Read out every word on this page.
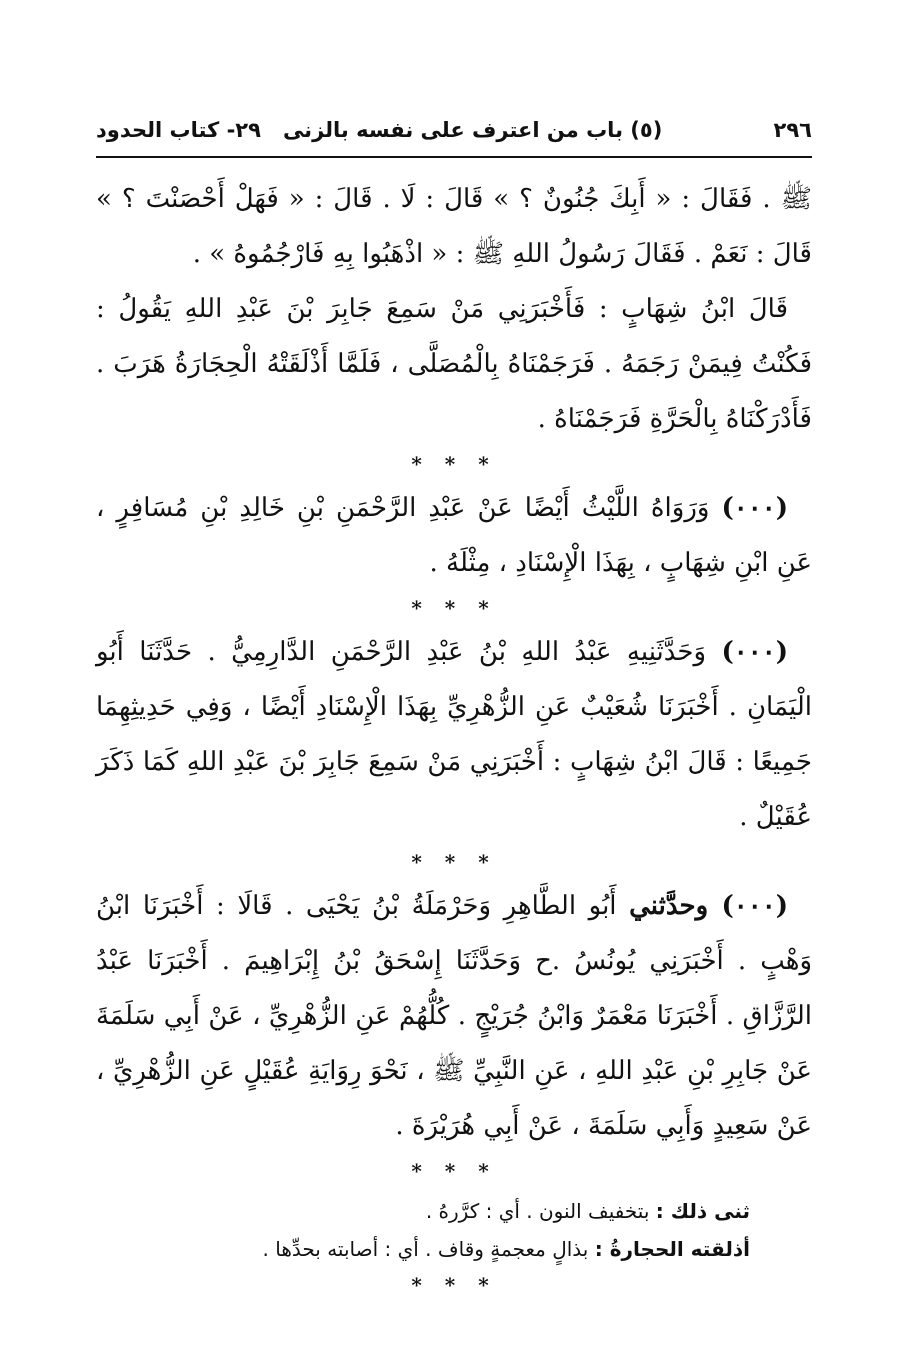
٢٩٦
(٥) باب من اعترف على نفسه بالزنى
٢٩- كتاب الحدود

ﷺ . فَقَالَ : « أَبِكَ جُنُونٌ ؟ » قَالَ : لَا . قَالَ : « فَهَلْ أَحْصَنْتَ ؟ » قَالَ : نَعَمْ . فَقَالَ رَسُولُ اللهِ ﷺ : « اذْهَبُوا بِهِ فَارْجُمُوهُ » .

قَالَ ابْنُ شِهَابٍ : فَأَخْبَرَنِي مَنْ سَمِعَ جَابِرَ بْنَ عَبْدِ اللهِ يَقُولُ : فَكُنْتُ فِيمَنْ رَجَمَهُ . فَرَجَمْنَاهُ بِالْمُصَلَّى ، فَلَمَّا أَذْلَقَتْهُ الْحِجَارَةُ هَرَبَ . فَأَدْرَكْنَاهُ بِالْحَرَّةِ فَرَجَمْنَاهُ .

* * *

(٠٠٠) وَرَوَاهُ اللَّيْثُ أَيْضًا عَنْ عَبْدِ الرَّحْمَنِ بْنِ خَالِدِ بْنِ مُسَافِرٍ ، عَنِ ابْنِ شِهَابٍ ، بِهَذَا الْإِسْنَادِ ، مِثْلَهُ .

* * *

(٠٠٠) وَحَدَّثَنِيهِ عَبْدُ اللهِ بْنُ عَبْدِ الرَّحْمَنِ الدَّارِمِيُّ . حَدَّثَنَا أَبُو الْيَمَانِ . أَخْبَرَنَا شُعَيْبٌ عَنِ الزُّهْرِيِّ بِهَذَا الْإِسْنَادِ أَيْضًا ، وَفِي حَدِيثِهِمَا جَمِيعًا : قَالَ ابْنُ شِهَابٍ : أَخْبَرَنِي مَنْ سَمِعَ جَابِرَ بْنَ عَبْدِ اللهِ كَمَا ذَكَرَ عُقَيْلٌ .

* * *

(٠٠٠) وحدَّثني أَبُو الطَّاهِرِ وَحَرْمَلَةُ بْنُ يَحْيَى . قَالَا : أَخْبَرَنَا ابْنُ وَهْبٍ . أَخْبَرَنِي يُونُسُ .ح وَحَدَّثَنَا إِسْحَقُ بْنُ إِبْرَاهِيمَ . أَخْبَرَنَا عَبْدُ الرَّزَّاقِ . أَخْبَرَنَا مَعْمَرٌ وَابْنُ جُرَيْجٍ . كُلُّهُمْ عَنِ الزُّهْرِيِّ ، عَنْ أَبِي سَلَمَةَ عَنْ جَابِرِ بْنِ عَبْدِ اللهِ ، عَنِ النَّبِيِّ ﷺ ، نَحْوَ رِوَايَةِ عُقَيْلٍ عَنِ الزُّهْرِيِّ ، عَنْ سَعِيدٍ وَأَبِي سَلَمَةَ ، عَنْ أَبِي هُرَيْرَةَ .

* * *

ثنى ذلك : بتخفيف النون . أي : كرَّرهُ .

أذلقته الحجارةُ : بذالٍ معجمةٍ وقاف . أي : أصابته بحدِّها .

* * *
